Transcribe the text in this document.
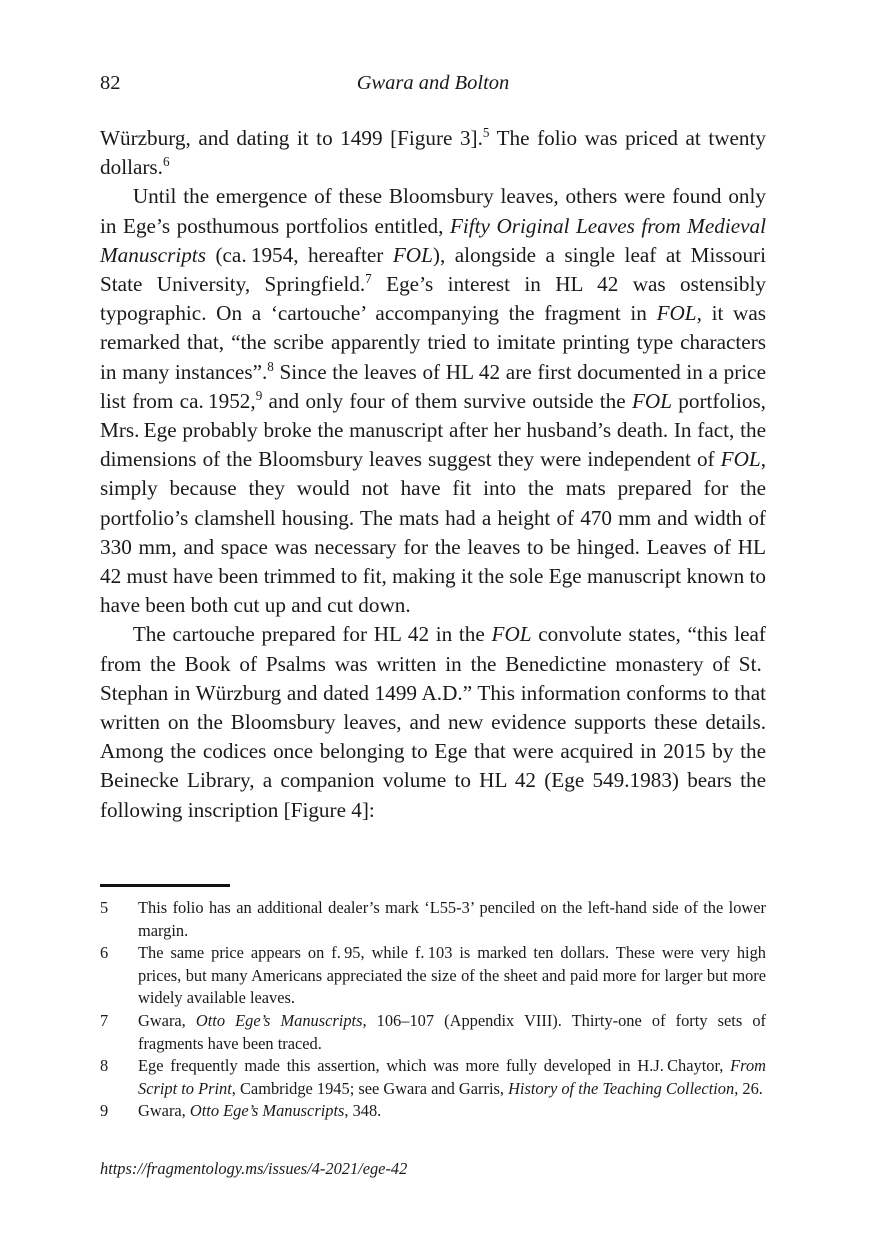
82	Gwara and Bolton

Würzburg, and dating it to 1499 [Figure 3].$^5$ The folio was priced at twenty dollars.$^6$

Until the emergence of these Bloomsbury leaves, others were found only in Ege’s posthumous portfolios entitled, Fifty Original Leaves from Medieval Manuscripts (ca. 1954, hereafter FOL), alongside a single leaf at Missouri State University, Springfield.$^7$ Ege’s interest in HL 42 was ostensibly typographic. On a ‘cartouche’ accompanying the fragment in FOL, it was remarked that, “the scribe apparently tried to imitate printing type characters in many instances”.$^8$ Since the leaves of HL 42 are first documented in a price list from ca. 1952,$^9$ and only four of them survive outside the FOL portfolios, Mrs. Ege probably broke the manuscript after her husband’s death. In fact, the dimensions of the Bloomsbury leaves suggest they were independent of FOL, simply because they would not have fit into the mats prepared for the portfolio’s clamshell housing. The mats had a height of 470 mm and width of 330 mm, and space was necessary for the leaves to be hinged. Leaves of HL 42 must have been trimmed to fit, making it the sole Ege manuscript known to have been both cut up and cut down.

The cartouche prepared for HL 42 in the FOL convolute states, “this leaf from the Book of Psalms was written in the Benedictine monastery of St. Stephan in Würzburg and dated 1499 A.D.” This information conforms to that written on the Bloomsbury leaves, and new evidence supports these details. Among the codices once belonging to Ege that were acquired in 2015 by the Beinecke Library, a companion volume to HL 42 (Ege 549.1983) bears the following inscription [Figure 4]:

5	This folio has an additional dealer’s mark ‘L55-3’ penciled on the left-hand side of the lower margin.
6	The same price appears on f. 95, while f. 103 is marked ten dollars. These were very high prices, but many Americans appreciated the size of the sheet and paid more for larger but more widely available leaves.
7	Gwara, Otto Ege’s Manuscripts, 106–107 (Appendix VIII). Thirty-one of forty sets of fragments have been traced.
8	Ege frequently made this assertion, which was more fully developed in H.J. Chaytor, From Script to Print, Cambridge 1945; see Gwara and Garris, History of the Teaching Collection, 26.
9	Gwara, Otto Ege’s Manuscripts, 348.
https://fragmentology.ms/issues/4-2021/ege-42
